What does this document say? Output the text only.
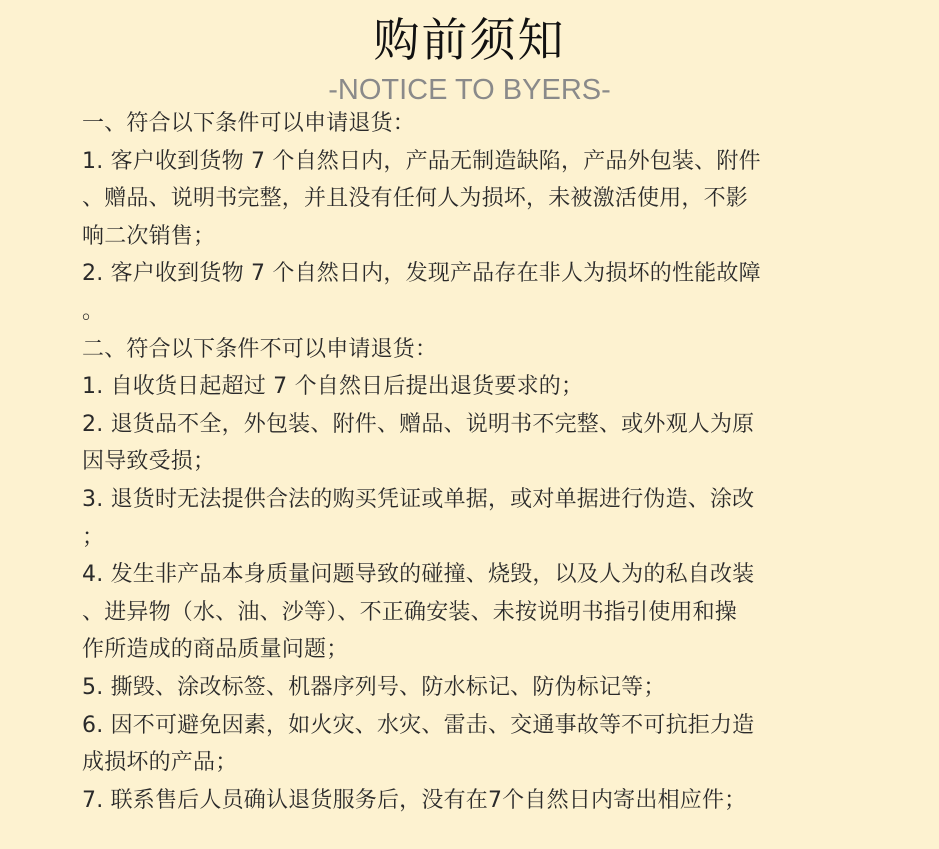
购前须知
-NOTICE TO BYERS-
一、符合以下条件可以申请退货：
1. 客户收到货物 7 个自然日内，产品无制造缺陷，产品外包装、附件
、赠品、说明书完整，并且没有任何人为损坏，未被激活使用，不影
响二次销售；
2. 客户收到货物 7 个自然日内，发现产品存在非人为损坏的性能故障
。
二、符合以下条件不可以申请退货：
1. 自收货日起超过 7 个自然日后提出退货要求的；
2. 退货品不全，外包装、附件、赠品、说明书不完整、或外观人为原
因导致受损；
3. 退货时无法提供合法的购买凭证或单据，或对单据进行伪造、涂改
；
4. 发生非产品本身质量问题导致的碰撞、烧毁，以及人为的私自改装
、进异物（水、油、沙等）、不正确安装、未按说明书指引使用和操
作所造成的商品质量问题；
5. 撕毁、涂改标签、机器序列号、防水标记、防伪标记等；
6. 因不可避免因素，如火灾、水灾、雷击、交通事故等不可抗拒力造
成损坏的产品；
7. 联系售后人员确认退货服务后，没有在7个自然日内寄出相应件；
